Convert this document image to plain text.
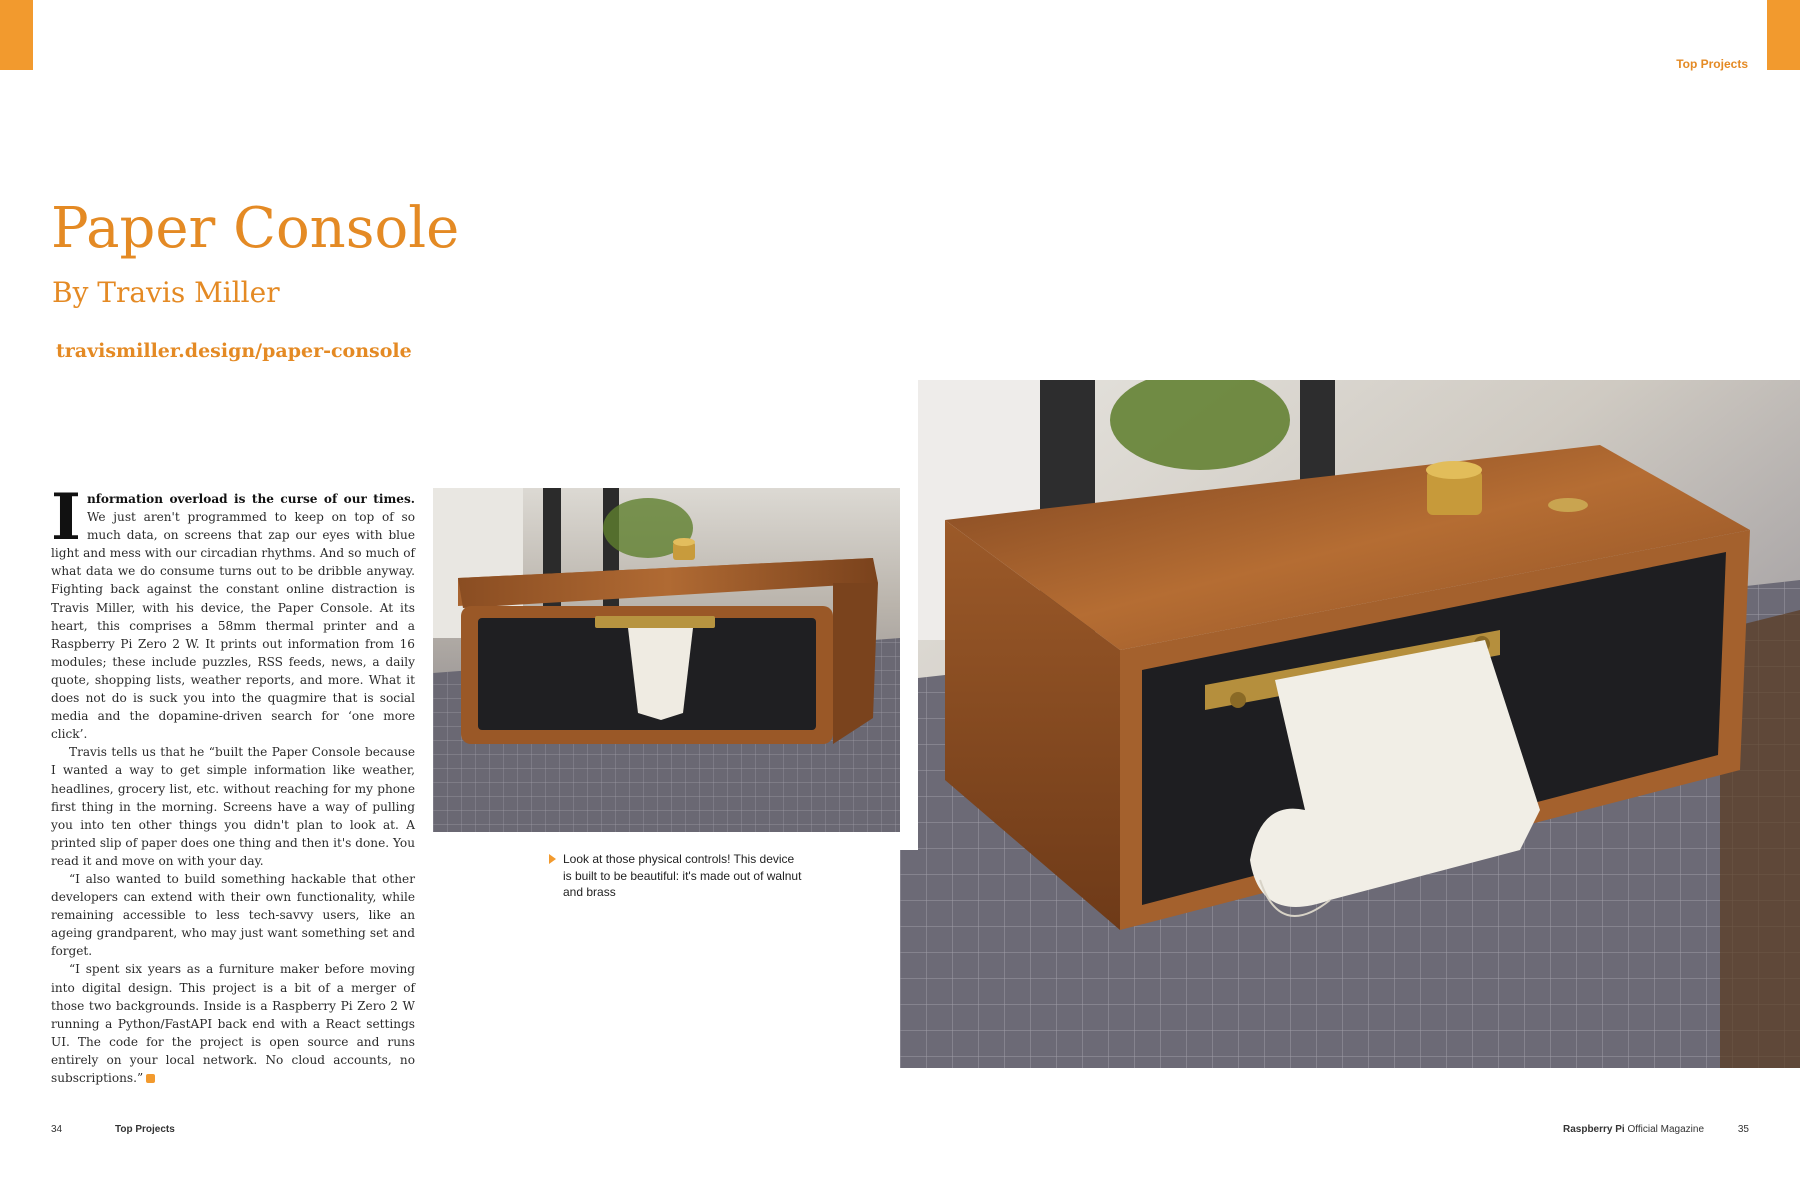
Top Projects
Paper Console
By Travis Miller
travismiller.design/paper-console

Information overload is the curse of our times. We just aren't programmed to keep on top of so much data, on screens that zap our eyes with blue light and mess with our circadian rhythms. And so much of what data we do consume turns out to be dribble anyway. Fighting back against the constant online distraction is Travis Miller, with his device, the Paper Console. At its heart, this comprises a 58mm thermal printer and a Raspberry Pi Zero 2 W. It prints out information from 16 modules; these include puzzles, RSS feeds, news, a daily quote, shopping lists, weather reports, and more. What it does not do is suck you into the quagmire that is social media and the dopamine-driven search for ‘one more click’.

Travis tells us that he “built the Paper Console because I wanted a way to get simple information like weather, headlines, grocery list, etc. without reaching for my phone first thing in the morning. Screens have a way of pulling you into ten other things you didn't plan to look at. A printed slip of paper does one thing and then it's done. You read it and move on with your day.

“I also wanted to build something hackable that other developers can extend with their own functionality, while remaining accessible to less tech-savvy users, like an ageing grandparent, who may just want something set and forget.

“I spent six years as a furniture maker before moving into digital design. This project is a bit of a merger of those two backgrounds. Inside is a Raspberry Pi Zero 2 W running a Python/FastAPI back end with a React settings UI. The code for the project is open source and runs entirely on your local network. No cloud accounts, no subscriptions.”

Look at those physical controls! This device is built to be beautiful: it's made out of walnut and brass
34	Top Projects	Raspberry Pi Official Magazine	35
